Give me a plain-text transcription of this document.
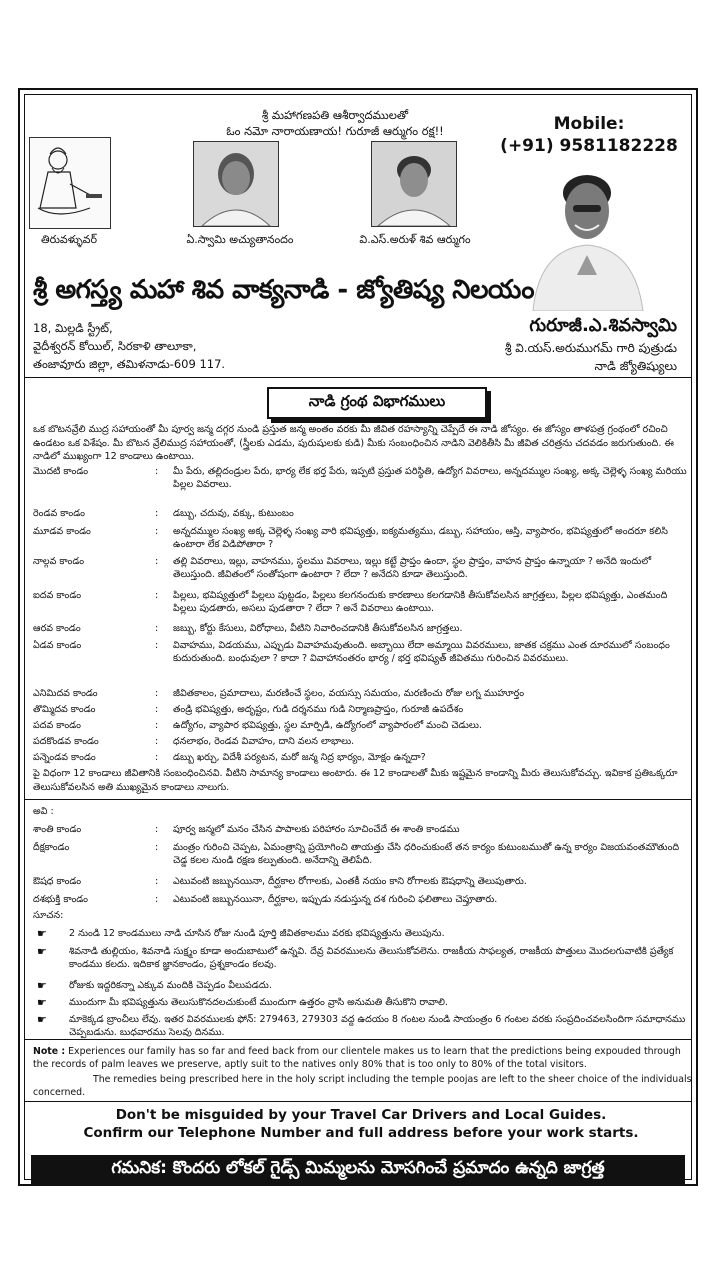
శ్రీ మహాగణపతి ఆశీర్వాదములతో
ఓం నమో నారాయణాయ! గురూజీ ఆర్ముగం రక్ష!!	Mobile:
(+91) 9581182228
తిరువళ్ళువర్	ఏ.స్వామి అచ్యుతానందం	వి.ఎస్.అరుళ్ శివ ఆర్ముగం
శ్రీ అగస్త్య మహా శివ వాక్యనాడి - జ్యోతిష్య నిలయం
18, మిల్లడి స్ట్రీట్,
వైదీశ్వరన్ కోయిల్, సిరకాళి తాలూకా,
తంజావూరు జిల్లా, తమిళనాడు-609 117.
గురూజీ.ఎ.శివస్వామి
శ్రీ వి.యస్.అరుముగమ్ గారి పుత్రుడు
నాడి జ్యోతిష్యులు
నాడి గ్రంథ విభాగములు
ఒక బొటనవ్రేలి ముద్ర సహాయంతో మీ పూర్వ జన్మ దగ్గర నుండి ప్రస్తుత జన్మ అంతం వరకు మీ జీవిత రహస్యాన్ని చెప్పేదే ఈ నాడి జోస్యం. ఈ జోస్యం తాళపత్ర గ్రంథంలో రచించి ఉండటం ఒక విశేషం. మీ బొటన వ్రేలిముద్ర సహాయంతో, (స్త్రీలకు ఎడమ, పురుషులకు కుడి) మీకు సంబంధించిన నాడిని వెలికితీసి మీ జీవిత చరిత్రను చదవడం జరుగుతుంది. ఈ నాడిలో ముఖ్యంగా 12 కాండాలు ఉంటాయి.
మొదటి కాండం	: మీ పేరు, తల్లిదండ్రుల పేరు, భార్య లేక భర్త పేరు, ఇప్పటి ప్రస్తుత పరిస్థితి, ఉద్యోగ వివరాలు, అన్నదమ్ముల సంఖ్య, అక్క చెల్లెళ్ళ సంఖ్య మరియు పిల్లల వివరాలు.
రెండవ కాండం	: డబ్బు, చదువు, వక్కు, కుటుంబం
మూడవ కాండం	: అన్నదమ్ముల సంఖ్య అక్క చెల్లెళ్ళ సంఖ్య వారి భవిష్యత్తు, ఐక్యమత్యము, డబ్బు, సహాయం, ఆస్తి, వ్యాపారం, భవిష్యత్తులో అందరూ కలిసి ఉంటారా లేక విడిపోతారా ?
నాల్గవ కాండం	: తల్లి వివరాలు, ఇల్లు, వాహనము, స్థలము వివరాలు, ఇల్లు కట్టే ప్రాప్తం ఉందా, స్థల ప్రాప్తం, వాహన ప్రాప్తం ఉన్నాయా ? అనేది ఇందులో తెలుస్తుంది. జీవితంలో సంతోషంగా ఉంటారా ? లేదా ? అనేదని కూడా తెలుస్తుంది.
ఐదవ కాండం	: పిల్లలు, భవిష్యత్తులో పిల్లలు పుట్టడం, పిల్లలు కలగనందుకు కారణాలు కలగడానికి తీసుకోవలసిన జాగ్రత్తలు, పిల్లల భవిష్యత్తు, ఎంతమంది పిల్లలు పుడతారు, అసలు పుడతారా ? లేదా ? అనే వివరాలు ఉంటాయి.
ఆరవ కాండం	: జబ్బు, కోర్టు కేసులు, విరోధాలు, వీటిని నివారించడానికి తీసుకోవలసిన జాగ్రత్తలు.
ఏడవ కాండం	: వివాహము, విడయము, ఎప్పుడు వివాహమవుతుంది. అబ్బాయి లేదా అమ్మాయి వివరములు, జాతక చక్రము ఎంత దూరములో సంబంధం కుదురుతుంది. బంధువులా ? కాదా ? వివాహానంతరం భార్య / భర్త భవిష్యత్ జీవితము గురించిన వివరములు.
ఎనిమిదవ కాండం	: జీవితకాలం, ప్రమాదాలు, మరణించే స్థలం, వయస్సు సమయం, మరణించు రోజు లగ్న ముహూర్తం
తొమ్మిదవ కాండం	: తండ్రి భవిష్యత్తు, అదృష్టం, గుడి దర్శనము గుడి నిర్మాణప్రాప్తం, గురూజీ ఉపదేశం
పదవ కాండం	: ఉద్యోగం, వ్యాపార భవిష్యత్తు, స్థల మార్పిడి, ఉద్యోగంలో వ్యాపారంలో మంచి చెడులు.
పదకొండవ కాండం	: ధనలాభం, రెండవ వివాహం, దాని వలన లాభాలు.
పన్నెండవ కాండం	: డబ్బు ఖర్చు, విదేశీ పర్యటన, మరో జన్మ నిద్ర భార్యం, మోక్షం ఉన్నదా?
పై విధంగా 12 కాండాలు జీవితానికి సంబంధించినవి. వీటిని సామాన్య కాండాలు అంటారు. ఈ 12 కాండాలతో మీకు ఇష్టమైన కాండాన్ని మీరు తెలుసుకోవచ్చు. ఇవికాక ప్రతిఒక్కరూ తెలుసుకోవలసిన అతి ముఖ్యమైన కాండాలు నాలుగు.
అవి :
శాంతి కాండం	: పూర్వ జన్మలో మనం చేసిన పాపాలకు పరిహారం సూచించేదే ఈ శాంతి కాండము
దీక్షకాండం	: మంత్రం గురించి చెప్పట, ఏమంత్రాన్ని ప్రయోగించి తాయత్తు చేసి ధరించుకుంటే తన కార్యం కుటుంబముతో ఉన్న కార్యం విజయవంతమౌతుంది చెడ్డ కలల నుండి రక్షణ కల్పుతుంది. అనేదాన్ని తెలిపేది.
ఔషధ కాండం	: ఎటువంటి జబ్బునయినా, దీర్ఘకాల రోగాలకు, ఎంతకీ నయం కాని రోగాలకు ఔషధాన్ని తెలుపుతారు.
దశభుక్తి కాండం	: ఎటువంటి జబ్బునయినా, దీర్ఘకాల, ఇప్పుడు నడుస్తున్న దశ గురించి ఫలితాలు చెప్తూతారు.
సూచన:
☛ 2 నుండి 12 కాండములు నాడి చూసిన రోజు నుండి పూర్తి జీవితకాలము వరకు భవిష్యత్తును తెలుపును.
☛ శివనాడి తుల్లియం, శివనాడి సుక్ష్మం కూడా అందుబాటులో ఉన్నవి. దేవ్ర వివరములను తెలుసుకోవలెను. రాజకీయ సాఫల్యత, రాజకీయ పొత్తులు మొదలగువాటికి ప్రత్యేక కాండము కలదు. ఇదికాక జ్ఞానకాండం, ప్రశ్నకాండం కలవు.
☛ రోజుకు ఇద్దరికన్నా ఎక్కువ మందికి చెప్పడం వీలుపడదు.
☛ ముందుగా మీ భవిష్యత్తును తెలుసుకొనదలచుకుంటే ముందుగా ఉత్తరం వ్రాసి అనుమతి తీసుకొని రావాలి.
☛ మాకెక్కడ బ్రాంచీలు లేవు. ఇతర వివరములకు ఫోన్: 279463, 279303 వద్ద ఉదయం 8 గంటల నుండి సాయంత్రం 6 గంటల వరకు సంప్రదించవలసిందిగా సమాధానము చెప్పబడును. బుధవారము సెలవు దినము.
Note : Experiences our family has so far and feed back from our clientele makes us to learn that the predictions being expouded through the records of palm leaves we preserve, aptly suit to the natives only 80% that is too only to 80% of the total visitors.
The remedies being prescribed here in the holy script including the temple poojas are left to the sheer choice of the individuals concerned.
Don't be misguided by your Travel Car Drivers and Local Guides.
Confirm our Telephone Number and full address before your work starts.
గమనిక: కొందరు లోకల్ గైడ్స్ మిమ్మలను మోసగించే ప్రమాదం ఉన్నది జాగ్రత్త
